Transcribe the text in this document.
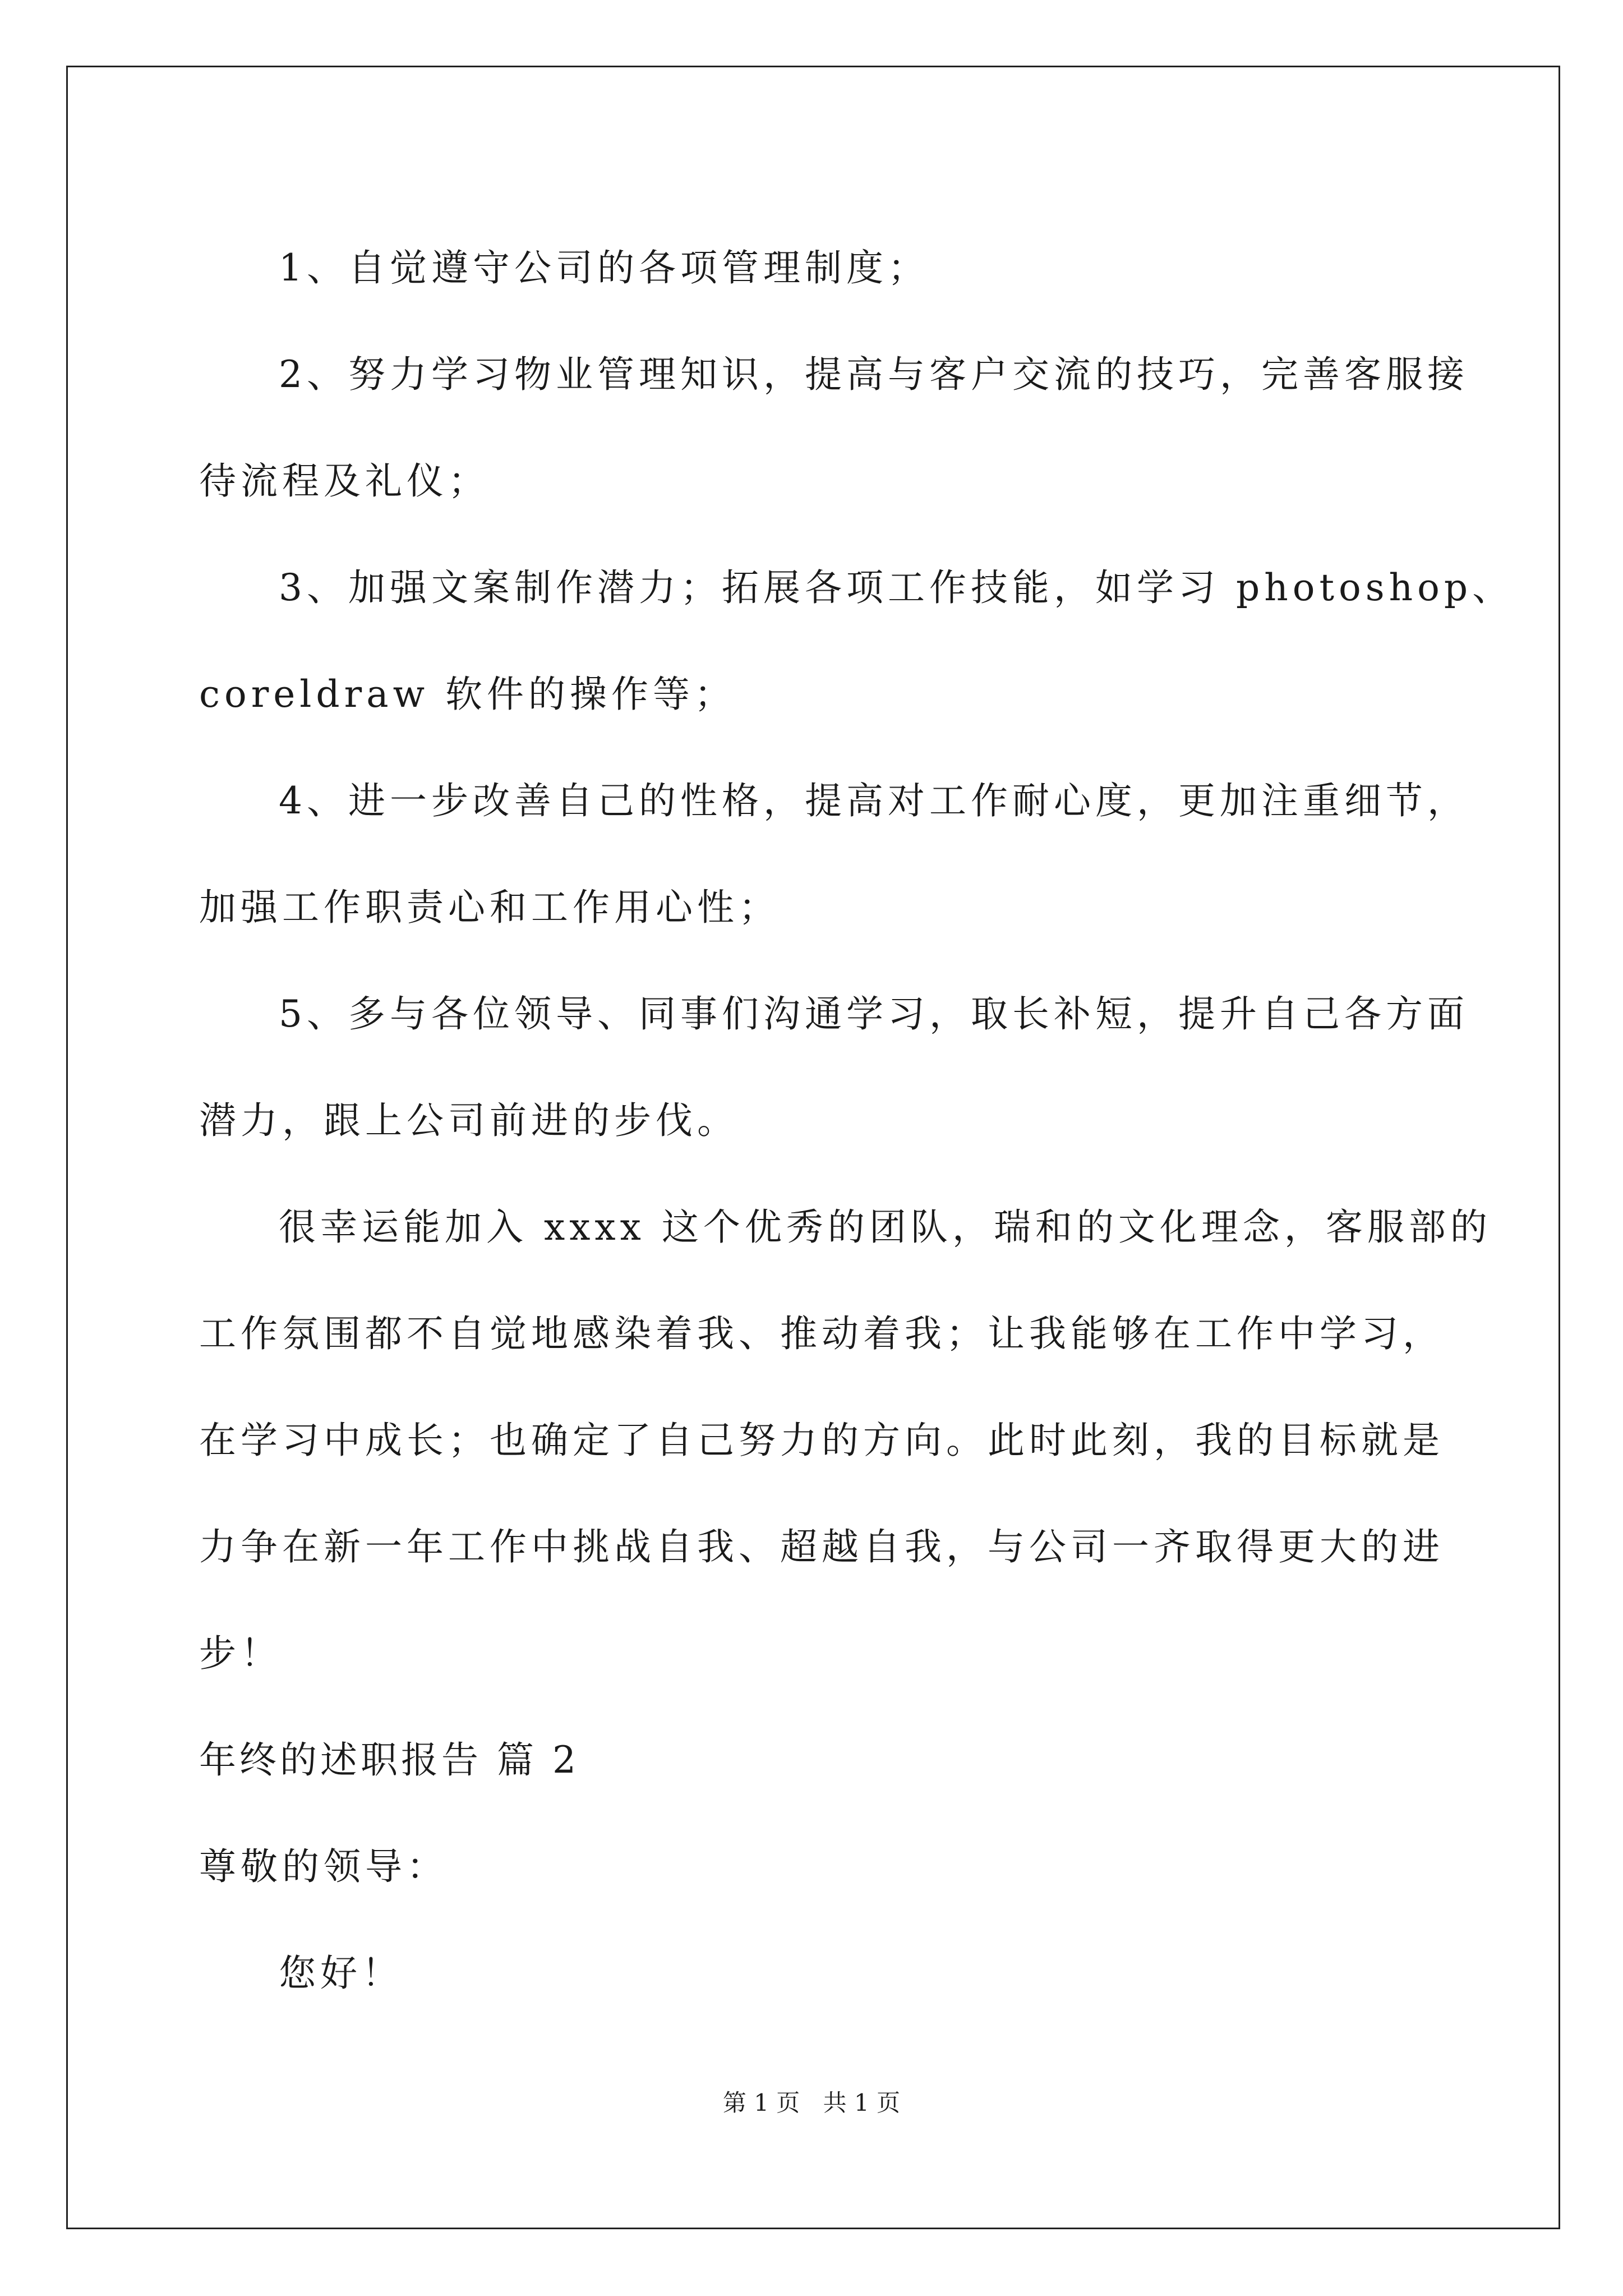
1、自觉遵守公司的各项管理制度；

2、努力学习物业管理知识，提高与客户交流的技巧，完善客服接

待流程及礼仪；

3、加强文案制作潜力；拓展各项工作技能，如学习 photoshop、

coreldraw 软件的操作等；

4、进一步改善自己的性格，提高对工作耐心度，更加注重细节，

加强工作职责心和工作用心性；

5、多与各位领导、同事们沟通学习，取长补短，提升自己各方面

潜力，跟上公司前进的步伐。

很幸运能加入 xxxx 这个优秀的团队，瑞和的文化理念，客服部的

工作氛围都不自觉地感染着我、推动着我；让我能够在工作中学习，

在学习中成长；也确定了自己努力的方向。此时此刻，我的目标就是

力争在新一年工作中挑战自我、超越自我，与公司一齐取得更大的进

步！

年终的述职报告 篇 2

尊敬的领导：

您好！

第 1 页 共 1 页
